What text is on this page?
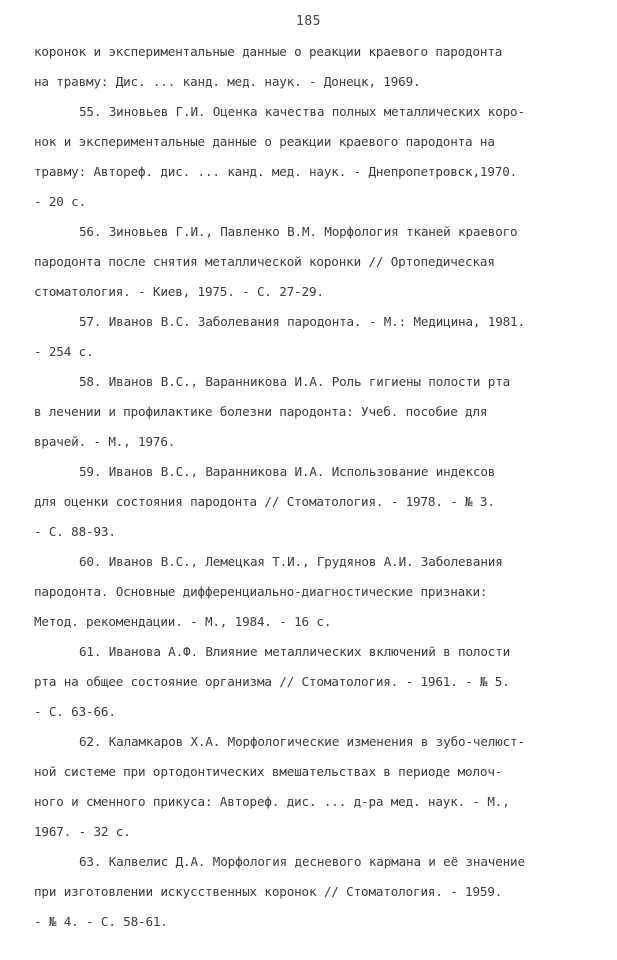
185
коронок и экспериментальные данные о реакции краевого пародонта
на травму: Дис. ... канд. мед. наук. - Донецк, 1969.
55. Зиновьев Г.И. Оценка качества полных металлических коро-
нок и экспериментальные данные о реакции краевого пародонта на
травму: Автореф. дис. ... канд. мед. наук. - Днепропетровск,1970.
- 20 с.
56. Зиновьев Г.И., Павленко В.М. Морфология тканей краевого
пародонта после снятия металлической коронки // Ортопедическая
стоматология. - Киев, 1975. - С. 27-29.
57. Иванов В.С. Заболевания пародонта. - М.: Медицина, 1981.
- 254 с.
58. Иванов В.С., Варанникова И.А. Роль гигиены полости рта
в лечении и профилактике болезни пародонта: Учеб. пособие для
врачей. - М., 1976.
59. Иванов В.С., Варанникова И.А. Использование индексов
для оценки состояния пародонта // Стоматология. - 1978. - № 3.
- С. 88-93.
60. Иванов В.С., Лемецкая Т.И., Грудянов А.И. Заболевания
пародонта. Основные дифференциально-диагностические признаки:
Метод. рекомендации. - М., 1984. - 16 с.
61. Иванова А.Ф. Влияние металлических включений в полости
рта на общее состояние организма // Стоматология. - 1961. - № 5.
- С. 63-66.
62. Каламкаров Х.А. Морфологические изменения в зубо-челюст-
ной системе при ортодонтических вмешательствах в периоде молоч-
ного и сменного прикуса: Автореф. дис. ... д-ра мед. наук. - М.,
1967. - 32 с.
63. Калвелис Д.А. Морфология десневого кармана и её значение
при изготовлении искусственных коронок // Стоматология. - 1959.
- № 4. - С. 58-61.
